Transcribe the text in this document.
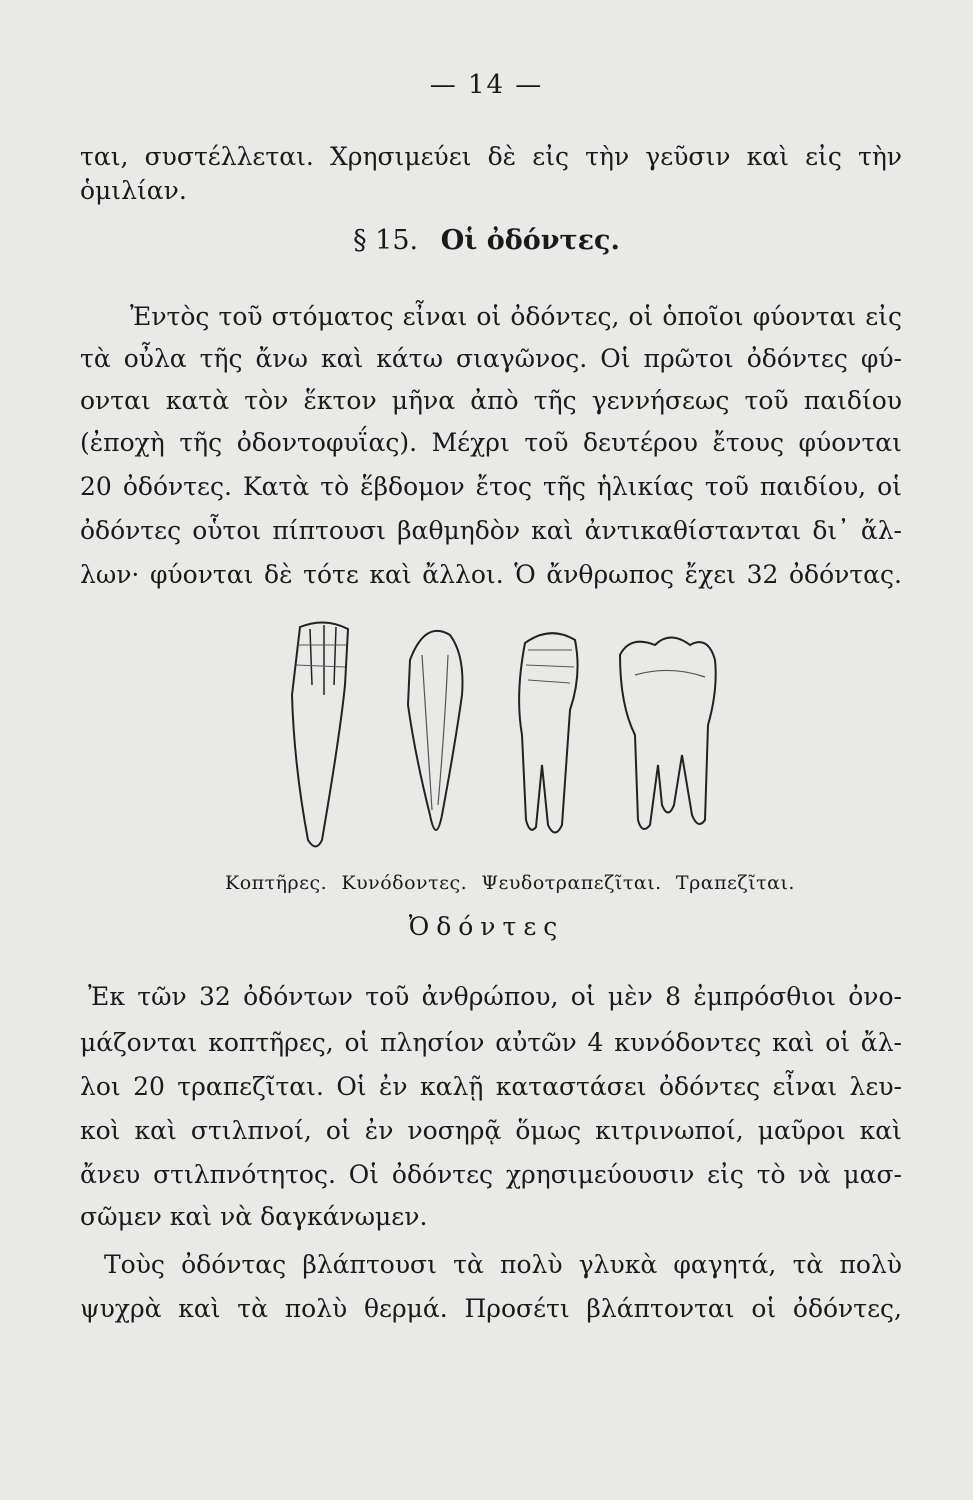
— 14 —
ται, συστέλλεται. Χρησιμεύει δὲ εἰς τὴν γεῦσιν καὶ εἰς τὴν
ὁμιλίαν.
§ 15. Οἱ ὀδόντες.
Ἐντὸς τοῦ στόματος εἶναι οἱ ὀδόντες, οἱ ὁποῖοι φύονται εἰς
τὰ οὖλα τῆς ἄνω καὶ κάτω σιαγῶνος. Οἱ πρῶτοι ὀδόντες φύ-
ονται κατὰ τὸν ἕκτον μῆνα ἀπὸ τῆς γεννήσεως τοῦ παιδίου
(ἐποχὴ τῆς ὀδοντοφυΐας). Μέχρι τοῦ δευτέρου ἔτους φύονται
20 ὀδόντες. Κατὰ τὸ ἕβδομον ἔτος τῆς ἡλικίας τοῦ παιδίου, οἱ
ὀδόντες οὗτοι πίπτουσι βαθμηδὸν καὶ ἀντικαθίστανται δι᾿ ἄλ-
λων· φύονται δὲ τότε καὶ ἄλλοι. Ὁ ἄνθρωπος ἔχει 32 ὀδόντας.
Κοπτῆρες. Κυνόδοντες. Ψευδοτραπεζῖται. Τραπεζῖται.
Ὀδόντες
Ἐκ τῶν 32 ὀδόντων τοῦ ἀνθρώπου, οἱ μὲν 8 ἐμπρόσθιοι ὀνο-
μάζονται κοπτῆρες, οἱ πλησίον αὐτῶν 4 κυνόδοντες καὶ οἱ ἄλ-
λοι 20 τραπεζῖται. Οἱ ἐν καλῇ καταστάσει ὀδόντες εἶναι λευ-
κοὶ καὶ στιλπνοί, οἱ ἐν νοσηρᾷ ὅμως κιτρινωποί, μαῦροι καὶ
ἄνευ στιλπνότητος. Οἱ ὀδόντες χρησιμεύουσιν εἰς τὸ νὰ μασ-
σῶμεν καὶ νὰ δαγκάνωμεν.
Τοὺς ὀδόντας βλάπτουσι τὰ πολὺ γλυκὰ φαγητά, τὰ πολὺ
ψυχρὰ καὶ τὰ πολὺ θερμά. Προσέτι βλάπτονται οἱ ὀδόντες,
